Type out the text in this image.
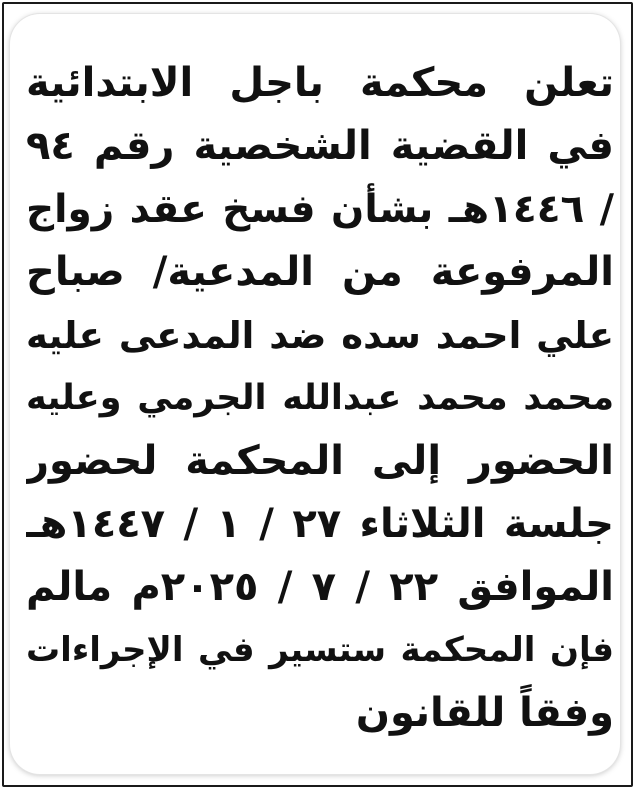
تعلن محكمة باجل الابتدائية
في القضية الشخصية رقم ٩٤
/ ١٤٤٦هـ بشأن فسخ عقد زواج
المرفوعة من المدعية/ صباح
علي احمد سده ضد المدعى عليه
محمد محمد عبدالله الجرمي وعليه
الحضور إلى المحكمة لحضور
جلسة الثلاثاء ٢٧ / ١ / ١٤٤٧هـ
الموافق ٢٢ / ٧ / ٢٠٢٥م مالم
فإن المحكمة ستسير في الإجراءات
وفقاً للقانون
